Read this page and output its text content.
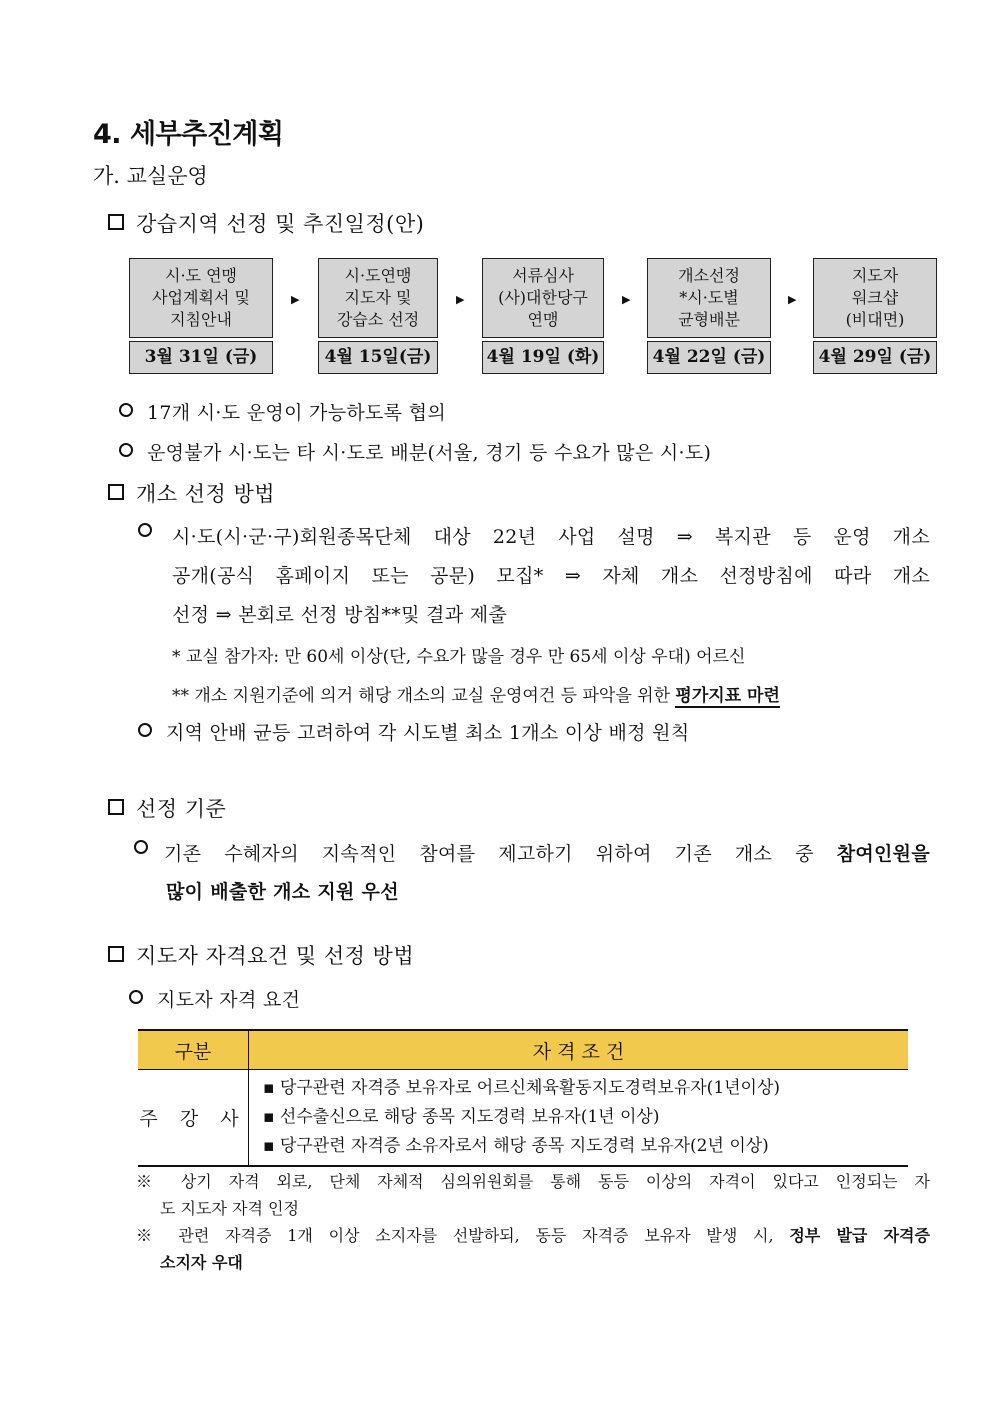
4. 세부추진계획
가. 교실운영
강습지역 선정 및 추진일정(안)
시·도 연맹
사업계획서 및
지침안내
3월 31일 (금)
▶
시·도연맹
지도자 및
강습소 선정
4월 15일(금)
▶
서류심사
(사)대한당구
연맹
4월 19일 (화)
▶
개소선정
*시·도별
균형배분
4월 22일 (금)
▶
지도자
워크샵
(비대면)
4월 29일 (금)
17개 시·도 운영이 가능하도록 협의
운영불가 시·도는 타 시·도로 배분(서울, 경기 등 수요가 많은 시·도)
개소 선정 방법
시·도(시·군·구)회원종목단체 대상 22년 사업 설명 ⇒ 복지관 등 운영 개소
공개(공식 홈페이지 또는 공문) 모집* ⇒ 자체 개소 선정방침에 따라 개소
선정 ⇒ 본회로 선정 방침**및 결과 제출
* 교실 참가자: 만 60세 이상(단, 수요가 많을 경우 만 65세 이상 우대) 어르신
** 개소 지원기준에 의거 해당 개소의 교실 운영여건 등 파악을 위한 평가지표 마련
지역 안배 균등 고려하여 각 시도별 최소 1개소 이상 배정 원칙
선정 기준
기존 수혜자의 지속적인 참여를 제고하기 위하여 기존 개소 중 참여인원을
많이 배출한 개소 지원 우선
지도자 자격요건 및 선정 방법
지도자 자격 요건
구분	자 격 조 건
주 강 사	▪ 당구관련 자격증 보유자로 어르신체육활동지도경력보유자(1년이상)
▪ 선수출신으로 해당 종목 지도경력 보유자(1년 이상)
▪ 당구관련 자격증 소유자로서 해당 종목 지도경력 보유자(2년 이상)
※ 상기 자격 외로, 단체 자체적 심의위원회를 통해 동등 이상의 자격이 있다고 인정되는 자
도 지도자 자격 인정
※ 관련 자격증 1개 이상 소지자를 선발하되, 동등 자격증 보유자 발생 시, 정부 발급 자격증
소지자 우대
